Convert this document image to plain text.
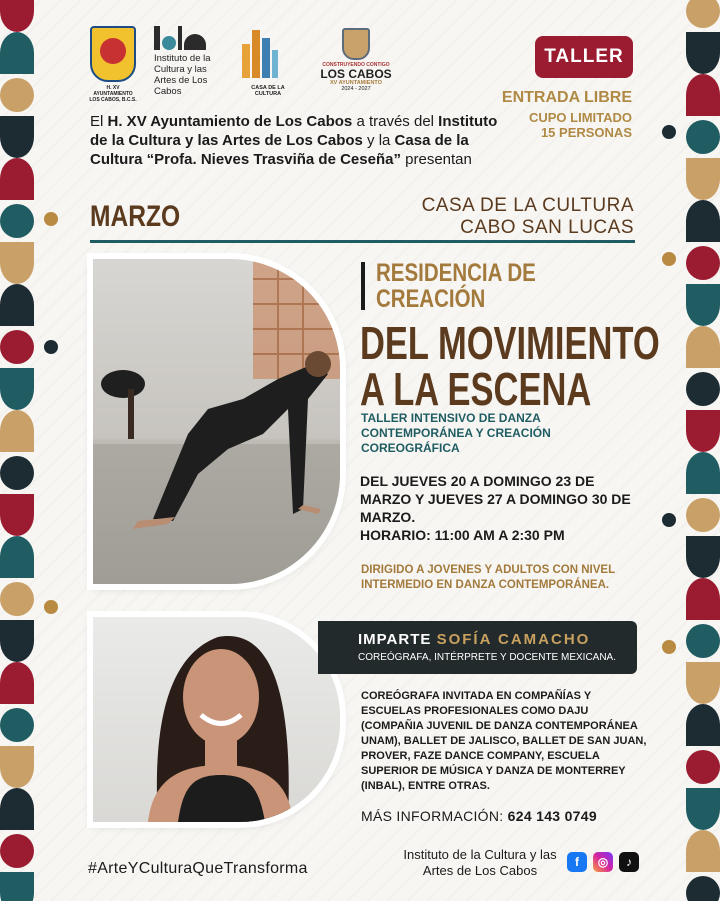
H. XV AYUNTAMIENTO LOS CABOS, B.C.S.
Instituto de la Cultura y las Artes de Los Cabos	CASA DE LA CULTURA
CONSTRUYENDO CONTIGO
LOS CABOS
XV AYUNTAMIENTO
2024 - 2027
TALLER
ENTRADA LIBRE
CUPO LIMITADO
15 PERSONAS
El H. XV Ayuntamiento de Los Cabos a través del Instituto de la Cultura y las Artes de Los Cabos y la Casa de la Cultura “Profa. Nieves Trasviña de Ceseña” presentan
MARZO	CASA DE LA CULTURA
CABO SAN LUCAS
RESIDENCIA DE
CREACIÓN
DEL MOVIMIENTO
A LA ESCENA
TALLER INTENSIVO DE DANZA CONTEMPORÁNEA Y CREACIÓN COREOGRÁFICA
DEL JUEVES 20 A DOMINGO 23 DE MARZO Y JUEVES 27 A DOMINGO 30 DE MARZO.
HORARIO: 11:00 AM A 2:30 PM
DIRIGIDO A JOVENES Y ADULTOS CON NIVEL INTERMEDIO EN DANZA CONTEMPORÁNEA.
IMPARTE SOFÍA CAMACHO
COREÓGRAFA, INTÉRPRETE Y DOCENTE MEXICANA.
COREÓGRAFA INVITADA EN COMPAÑÍAS Y ESCUELAS PROFESIONALES COMO DAJU (COMPAÑIA JUVENIL DE DANZA CONTEMPORÁNEA UNAM), BALLET DE JALISCO, BALLET DE SAN JUAN, PROVER, FAZE DANCE COMPANY, ESCUELA SUPERIOR DE MÚSICA Y DANZA DE MONTERREY (INBAL), ENTRE OTRAS.
MÁS INFORMACIÓN: 624 143 0749
#ArteYCulturaQueTransforma
Instituto de la Cultura y las Artes de Los Cabos
f	◎	♪
